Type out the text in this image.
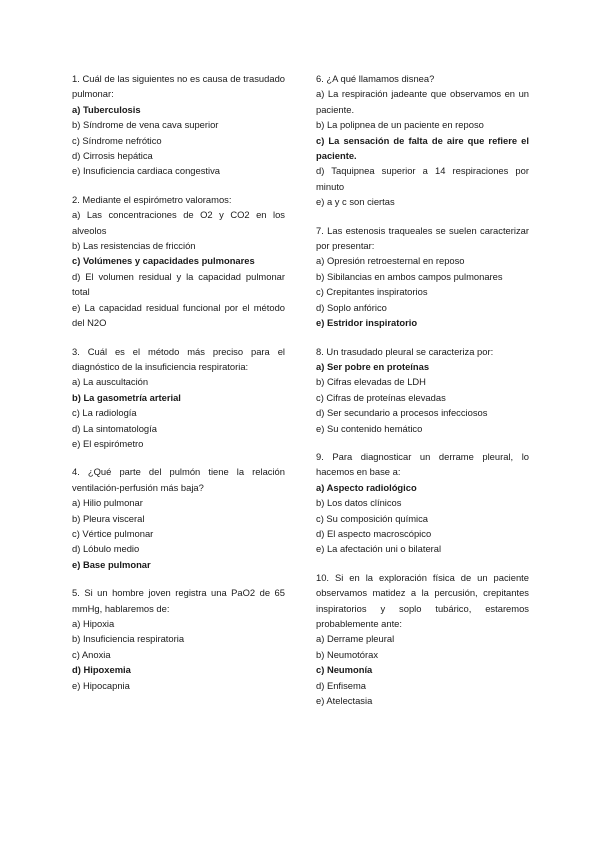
1. Cuál de las siguientes no es causa de trasudado pulmonar:

a) Tuberculosis

b) Síndrome de vena cava superior

c) Síndrome nefrótico

d) Cirrosis hepática

e) Insuficiencia cardiaca congestiva

2. Mediante el espirómetro valoramos:

a) Las concentraciones de O2 y CO2 en los alveolos

b) Las resistencias de fricción

c) Volúmenes y capacidades pulmonares

d) El volumen residual y la capacidad pulmonar total

e) La capacidad residual funcional por el método del N2O

3. Cuál es el método más preciso para el diagnóstico de la insuficiencia respiratoria:

a) La auscultación

b) La gasometría arterial

c) La radiología

d) La sintomatología

e) El espirómetro

4. ¿Qué parte del pulmón tiene la relación ventilación-perfusión más baja?

a) Hilio pulmonar

b) Pleura visceral

c) Vértice pulmonar

d) Lóbulo medio

e) Base pulmonar

5. Si un hombre joven registra una PaO2 de 65 mmHg, hablaremos de:

a) Hipoxia

b) Insuficiencia respiratoria

c) Anoxia

d) Hipoxemia

e) Hipocapnia

6. ¿A qué llamamos disnea?

a) La respiración jadeante que observamos en un paciente.

b) La polipnea de un paciente en reposo

c) La sensación de falta de aire que refiere el paciente.

d) Taquipnea superior a 14 respiraciones por minuto

e) a y c son ciertas

7. Las estenosis traqueales se suelen caracterizar por presentar:

a) Opresión retroesternal en reposo

b) Sibilancias en ambos campos pulmonares

c) Crepitantes inspiratorios

d) Soplo anfórico

e) Estridor inspiratorio

8. Un trasudado pleural se caracteriza por:

a) Ser pobre en proteínas

b) Cifras elevadas de LDH

c) Cifras de proteínas elevadas

d) Ser secundario a procesos infecciosos

e) Su contenido hemático

9. Para diagnosticar un derrame pleural, lo hacemos en base a:

a) Aspecto radiológico

b) Los datos clínicos

c) Su composición química

d) El aspecto macroscópico

e) La afectación uni o bilateral

10. Si en la exploración física de un paciente observamos matidez a la percusión, crepitantes inspiratorios y soplo tubárico, estaremos probablemente ante:

a) Derrame pleural

b) Neumotórax

c) Neumonía

d) Enfisema

e) Atelectasia
